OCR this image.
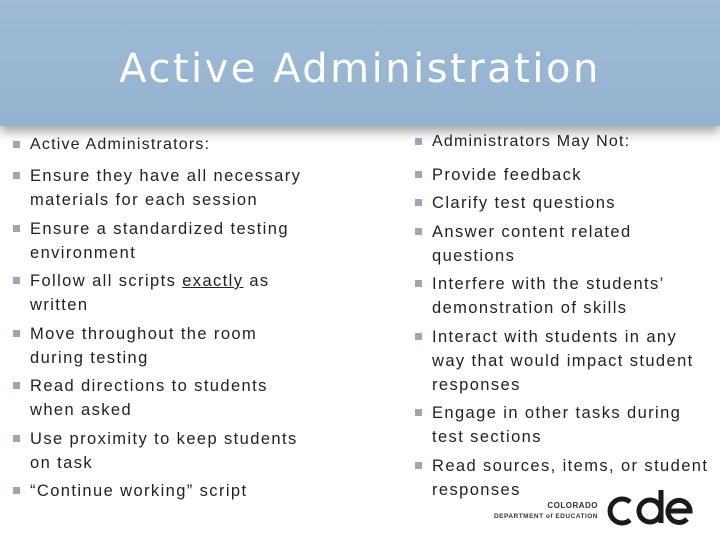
Active Administration
Active Administrators:
Ensure they have all necessary materials for each session
Ensure a standardized testing environment
Follow all scripts exactly as written
Move throughout the room during testing
Read directions to students when asked
Use proximity to keep students on task
“Continue working” script
Administrators May Not:
Provide feedback
Clarify test questions
Answer content related questions
Interfere with the students’ demonstration of skills
Interact with students in any way that would impact student responses
Engage in other tasks during test sections
Read sources, items, or student responses
COLORADO
DEPARTMENT of EDUCATION
